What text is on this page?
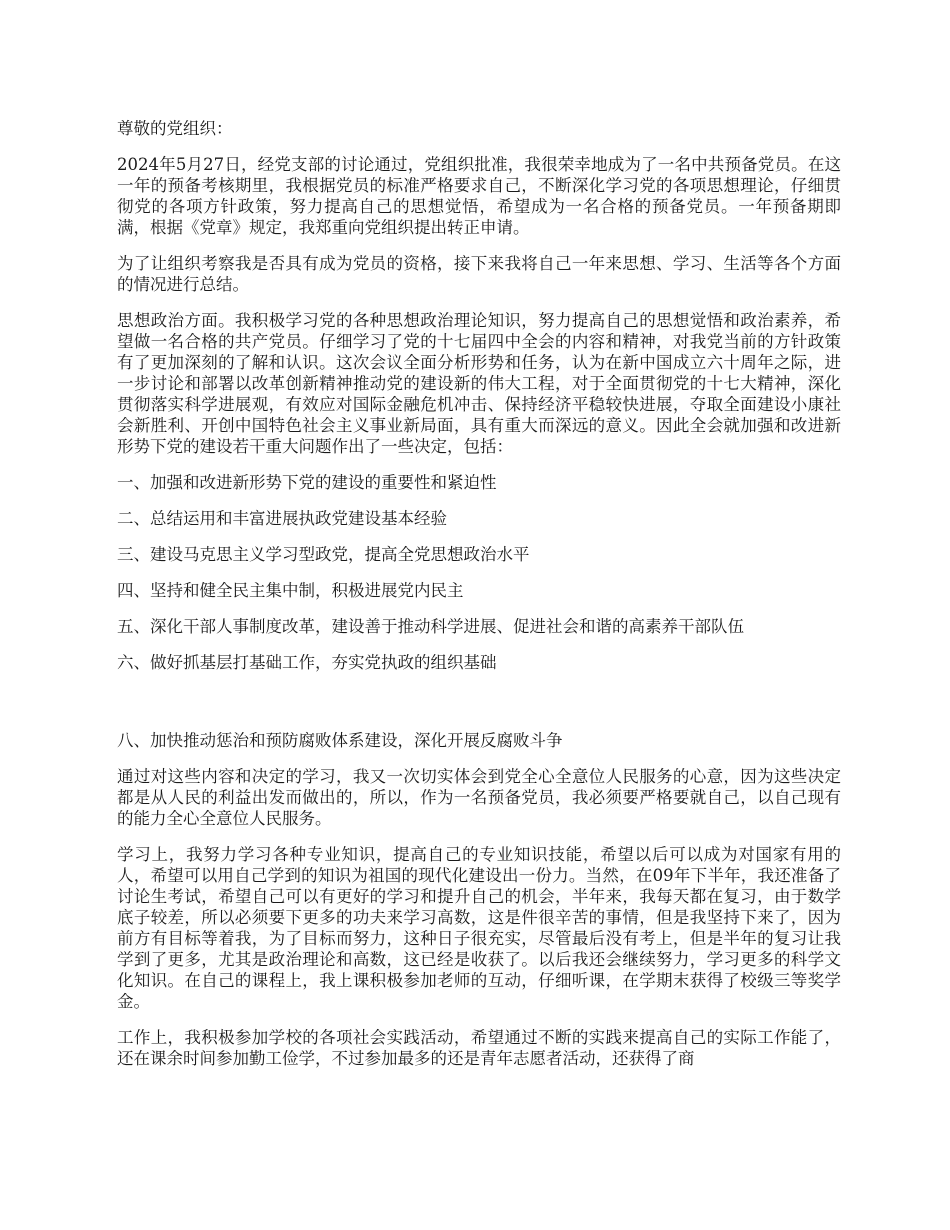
尊敬的党组织：

2024年5月27日，经党支部的讨论通过，党组织批准，我很荣幸地成为了一名中共预备党员。在这一年的预备考核期里，我根据党员的标准严格要求自己，不断深化学习党的各项思想理论，仔细贯彻党的各项方针政策，努力提高自己的思想觉悟，希望成为一名合格的预备党员。一年预备期即满，根据《党章》规定，我郑重向党组织提出转正申请。

为了让组织考察我是否具有成为党员的资格，接下来我将自己一年来思想、学习、生活等各个方面的情况进行总结。

思想政治方面。我积极学习党的各种思想政治理论知识，努力提高自己的思想觉悟和政治素养，希望做一名合格的共产党员。仔细学习了党的十七届四中全会的内容和精神，对我党当前的方针政策有了更加深刻的了解和认识。这次会议全面分析形势和任务，认为在新中国成立六十周年之际，进一步讨论和部署以改革创新精神推动党的建设新的伟大工程，对于全面贯彻党的十七大精神，深化贯彻落实科学进展观，有效应对国际金融危机冲击、保持经济平稳较快进展，夺取全面建设小康社会新胜利、开创中国特色社会主义事业新局面，具有重大而深远的意义。因此全会就加强和改进新形势下党的建设若干重大问题作出了一些决定，包括：

一、加强和改进新形势下党的建设的重要性和紧迫性

二、总结运用和丰富进展执政党建设基本经验

三、建设马克思主义学习型政党，提高全党思想政治水平

四、坚持和健全民主集中制，积极进展党内民主

五、深化干部人事制度改革，建设善于推动科学进展、促进社会和谐的高素养干部队伍

六、做好抓基层打基础工作，夯实党执政的组织基础

八、加快推动惩治和预防腐败体系建设，深化开展反腐败斗争

通过对这些内容和决定的学习，我又一次切实体会到党全心全意位人民服务的心意，因为这些决定都是从人民的利益出发而做出的，所以，作为一名预备党员，我必须要严格要就自己，以自己现有的能力全心全意位人民服务。

学习上，我努力学习各种专业知识，提高自己的专业知识技能，希望以后可以成为对国家有用的人，希望可以用自己学到的知识为祖国的现代化建设出一份力。当然，在09年下半年，我还准备了讨论生考试，希望自己可以有更好的学习和提升自己的机会，半年来，我每天都在复习，由于数学底子较差，所以必须要下更多的功夫来学习高数，这是件很辛苦的事情，但是我坚持下来了，因为前方有目标等着我，为了目标而努力，这种日子很充实，尽管最后没有考上，但是半年的复习让我学到了更多，尤其是政治理论和高数，这已经是收获了。以后我还会继续努力，学习更多的科学文化知识。在自己的课程上，我上课积极参加老师的互动，仔细听课，在学期末获得了校级三等奖学金。

工作上，我积极参加学校的各项社会实践活动，希望通过不断的实践来提高自己的实际工作能了，还在课余时间参加勤工俭学，不过参加最多的还是青年志愿者活动，还获得了商
